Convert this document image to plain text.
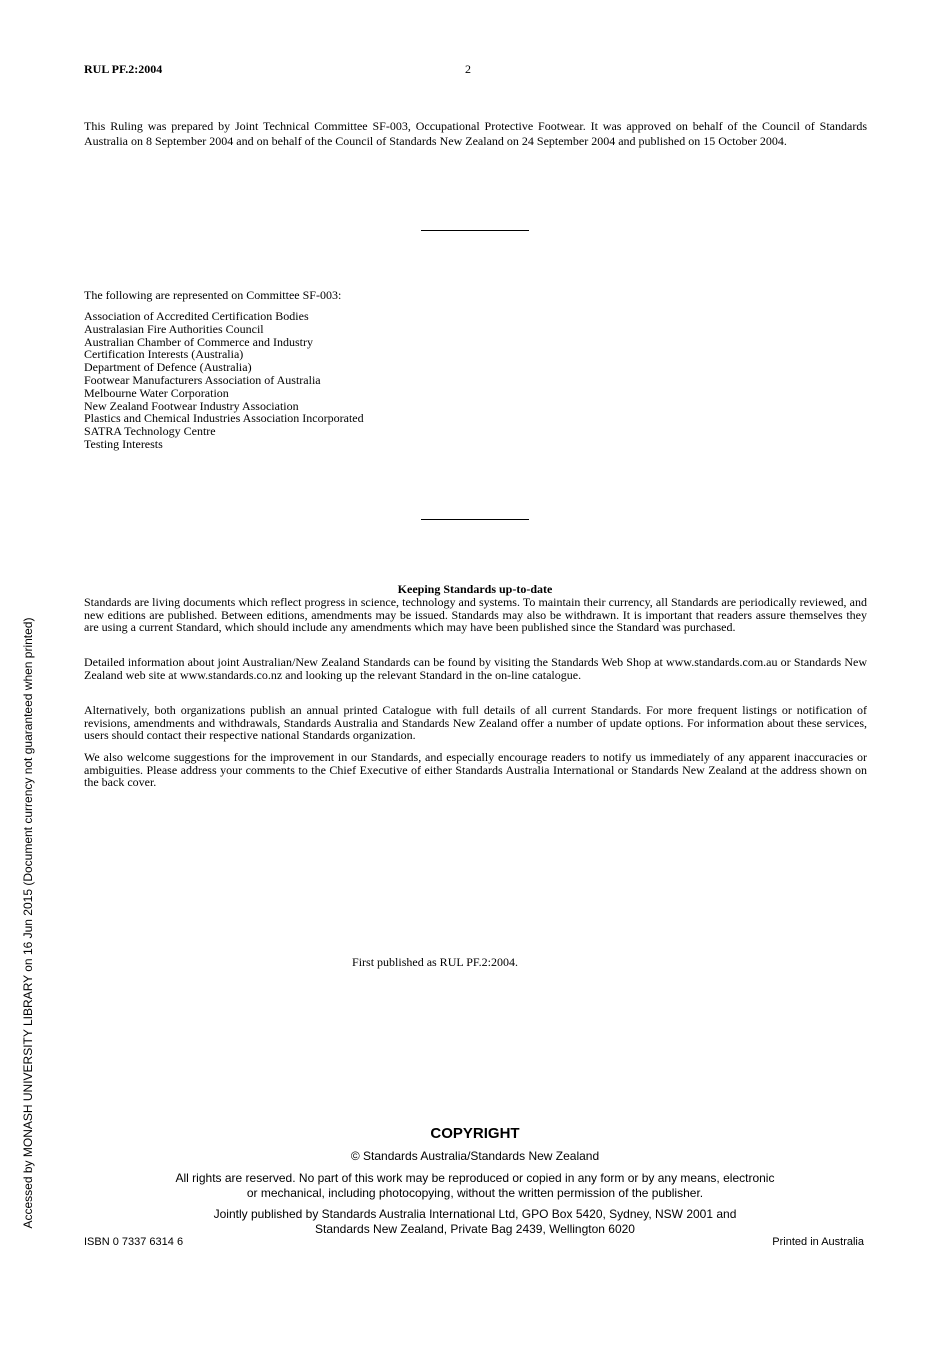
RUL PF.2:2004	2
This Ruling was prepared by Joint Technical Committee SF-003, Occupational Protective Footwear. It was approved on behalf of the Council of Standards Australia on 8 September 2004 and on behalf of the Council of Standards New Zealand on 24 September 2004 and published on 15 October 2004.
The following are represented on Committee SF-003:
Association of Accredited Certification Bodies
Australasian Fire Authorities Council
Australian Chamber of Commerce and Industry
Certification Interests (Australia)
Department of Defence (Australia)
Footwear Manufacturers Association of Australia
Melbourne Water Corporation
New Zealand Footwear Industry Association
Plastics and Chemical Industries Association Incorporated
SATRA Technology Centre
Testing Interests
Keeping Standards up-to-date

Standards are living documents which reflect progress in science, technology and systems. To maintain their currency, all Standards are periodically reviewed, and new editions are published. Between editions, amendments may be issued. Standards may also be withdrawn. It is important that readers assure themselves they are using a current Standard, which should include any amendments which may have been published since the Standard was purchased.

Detailed information about joint Australian/New Zealand Standards can be found by visiting the Standards Web Shop at www.standards.com.au or Standards New Zealand web site at www.standards.co.nz and looking up the relevant Standard in the on-line catalogue.

Alternatively, both organizations publish an annual printed Catalogue with full details of all current Standards. For more frequent listings or notification of revisions, amendments and withdrawals, Standards Australia and Standards New Zealand offer a number of update options. For information about these services, users should contact their respective national Standards organization.

We also welcome suggestions for the improvement in our Standards, and especially encourage readers to notify us immediately of any apparent inaccuracies or ambiguities. Please address your comments to the Chief Executive of either Standards Australia International or Standards New Zealand at the address shown on the back cover.

First published as RUL PF.2:2004.
COPYRIGHT
© Standards Australia/Standards New Zealand
All rights are reserved. No part of this work may be reproduced or copied in any form or by any means, electronic
or mechanical, including photocopying, without the written permission of the publisher.
Jointly published by Standards Australia International Ltd, GPO Box 5420, Sydney, NSW 2001 and
Standards New Zealand, Private Bag 2439, Wellington 6020
ISBN 0 7337 6314 6	Printed in Australia
Accessed by MONASH UNIVERSITY LIBRARY on 16 Jun 2015 (Document currency not guaranteed when printed)
